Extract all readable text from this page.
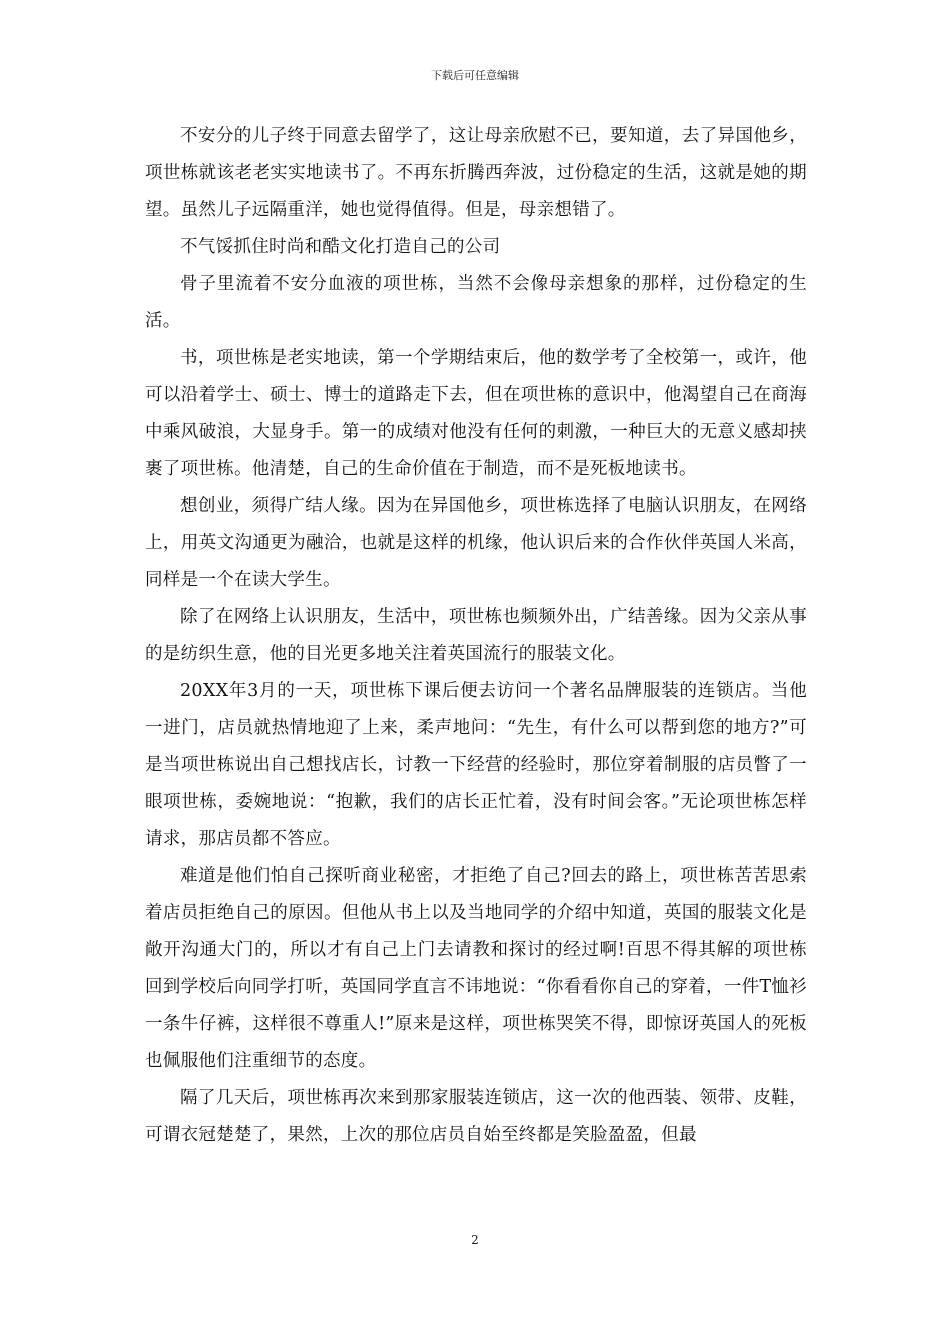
下载后可任意编辑

不安分的儿子终于同意去留学了，这让母亲欣慰不已，要知道，去了异国他乡，项世栋就该老老实实地读书了。不再东折腾西奔波，过份稳定的生活，这就是她的期望。虽然儿子远隔重洋，她也觉得值得。但是，母亲想错了。

不气馁抓住时尚和酷文化打造自己的公司

骨子里流着不安分血液的项世栋，当然不会像母亲想象的那样，过份稳定的生活。

书，项世栋是老实地读，第一个学期结束后，他的数学考了全校第一，或许，他可以沿着学士、硕士、博士的道路走下去，但在项世栋的意识中，他渴望自己在商海中乘风破浪，大显身手。第一的成绩对他没有任何的刺激，一种巨大的无意义感却挟裹了项世栋。他清楚，自己的生命价值在于制造，而不是死板地读书。

想创业，须得广结人缘。因为在异国他乡，项世栋选择了电脑认识朋友，在网络上，用英文沟通更为融洽，也就是这样的机缘，他认识后来的合作伙伴英国人米高，同样是一个在读大学生。

除了在网络上认识朋友，生活中，项世栋也频频外出，广结善缘。因为父亲从事的是纺织生意，他的目光更多地关注着英国流行的服装文化。

20XX年3月的一天，项世栋下课后便去访问一个著名品牌服装的连锁店。当他一进门，店员就热情地迎了上来，柔声地问：“先生，有什么可以帮到您的地方?”可是当项世栋说出自己想找店长，讨教一下经营的经验时，那位穿着制服的店员瞥了一眼项世栋，委婉地说：“抱歉，我们的店长正忙着，没有时间会客。”无论项世栋怎样请求，那店员都不答应。

难道是他们怕自己探听商业秘密，才拒绝了自己?回去的路上，项世栋苦苦思索着店员拒绝自己的原因。但他从书上以及当地同学的介绍中知道，英国的服装文化是敞开沟通大门的，所以才有自己上门去请教和探讨的经过啊!百思不得其解的项世栋回到学校后向同学打听，英国同学直言不讳地说：“你看看你自己的穿着，一件T恤衫一条牛仔裤，这样很不尊重人!”原来是这样，项世栋哭笑不得，即惊讶英国人的死板也佩服他们注重细节的态度。

隔了几天后，项世栋再次来到那家服装连锁店，这一次的他西装、领带、皮鞋，可谓衣冠楚楚了，果然，上次的那位店员自始至终都是笑脸盈盈，但最

2
